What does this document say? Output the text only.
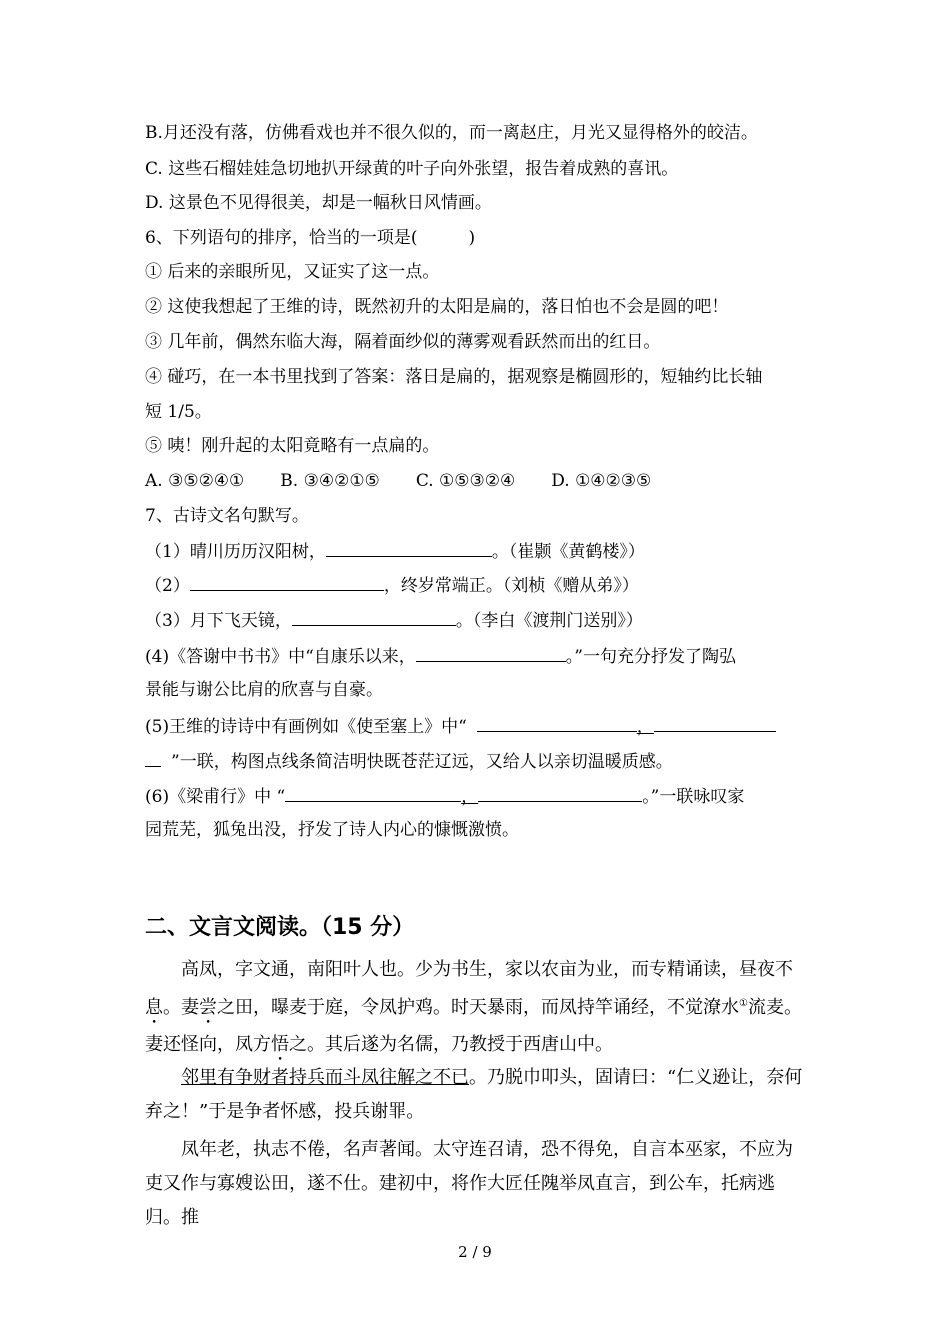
B.月还没有落，仿佛看戏也并不很久似的，而一离赵庄，月光又显得格外的皎洁。
C. 这些石榴娃娃急切地扒开绿黄的叶子向外张望，报告着成熟的喜讯。
D. 这景色不见得很美，却是一幅秋日风情画。
6、下列语句的排序，恰当的一项是(　　　)
① 后来的亲眼所见，又证实了这一点。
② 这使我想起了王维的诗，既然初升的太阳是扁的，落日怕也不会是圆的吧！
③ 几年前，偶然东临大海，隔着面纱似的薄雾观看跃然而出的红日。
④ 碰巧，在一本书里找到了答案：落日是扁的，据观察是椭圆形的，短轴约比长轴
短 1/5。
⑤ 咦！刚升起的太阳竟略有一点扁的。
A. ③⑤②④① B. ③④②①⑤ C. ①⑤③②④ D. ①④②③⑤
7、古诗文名句默写。
（1）晴川历历汉阳树，	。（崔颢《黄鹤楼》）
（2）	，终岁常端正。（刘桢《赠从弟》）
（3）月下飞天镜，	。（李白《渡荆门送别》）
(4)《答谢中书书》中“自康乐以来，	。”一句充分抒发了陶弘
景能与谢公比肩的欣喜与自豪。
(5)王维的诗诗中有画例如《使至塞上》中“	，
”一联，构图点线条简洁明快既苍茫辽远，又给人以亲切温暖质感。
(6)《梁甫行》中 “	，	。”一联咏叹家
园荒芜，狐兔出没，抒发了诗人内心的慷慨激愤。
二、文言文阅读。（15 分）
高凤，字文通，南阳叶人也。少为书生，家以农亩为业，而专精诵读，昼夜不息。妻尝之田，曝麦于庭，令凤护鸡。时天暴雨，而凤持竿诵经，不觉潦水①流麦。妻还怪向，凤方悟之。其后遂为名儒，乃教授于西唐山中。
邻里有争财者持兵而斗凤往解之不已。乃脱巾叩头，固请曰：“仁义逊让，奈何弃之！”于是争者怀感，投兵谢罪。
凤年老，执志不倦，名声著闻。太守连召请，恐不得免，自言本巫家，不应为吏又作与寡嫂讼田，遂不仕。建初中，将作大匠任隗举凤直言，到公车，托病逃归。推
2 / 9
